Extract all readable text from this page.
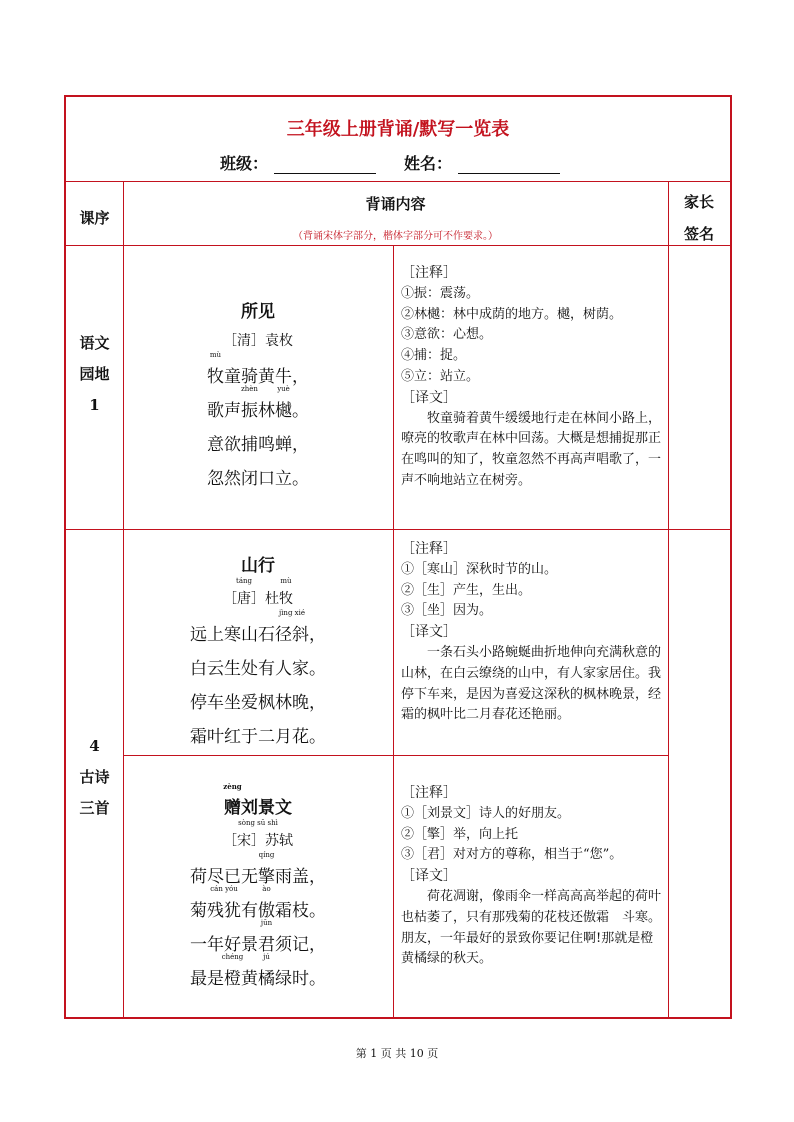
三年级上册背诵/默写一览表
班级：	姓名：
课序
背诵内容
（背诵宋体字部分，楷体字部分可不作要求。）
家长
签名
语文
园地
1
所见
［清］袁枚
牧
mù
童骑黄牛，
歌声振
zhèn
林樾
yuè
。
意欲捕鸣蝉，
忽然闭口立。
［注释］
①振：震荡。
②林樾：林中成荫的地方。樾，树荫。
③意欲：心想。
④捕：捉。
⑤立：站立。
［译文］
牧童骑着黄牛缓缓地行走在林间小路上，嘹亮的牧歌声在林中回荡。大概是想捕捉那正在鸣叫的知了，牧童忽然不再高声唱歌了，一声不响地站立在树旁。
4
古诗
三首
山行
［唐
táng
］杜牧
mù
远上寒山石径斜
jìng xié
，
白云生处有人家。
停车坐爱枫林晚，
霜叶红于二月花。
［注释］
①［寒山］深秋时节的山。
②［生］产生，生出。
③［坐］因为。
［译文］
一条石头小路蜿蜒曲折地伸向充满秋意的山林，在白云缭绕的山中，有人家家居住。我停下车来，是因为喜爱这深秋的枫林晚景，经霜的枫叶比二月春花还艳丽。
赠
zèng
刘景文
［宋］苏轼
sòng sū shì
荷尽已无擎
qíng
雨盖，
菊残犹
cán yóu
有傲
ào
霜枝。
一年好景君
jūn
须记，
最是橙
chéng
黄橘
jú
绿时。
［注释］
①［刘景文］诗人的好朋友。
②［擎］举，向上托
③［君］对对方的尊称，相当于“您”。
［译文］
荷花凋谢，像雨伞一样高高高举起的荷叶也枯萎了，只有那残菊的花枝还傲霜　斗寒。朋友，一年最好的景致你要记住啊!那就是橙黄橘绿的秋天。
第 1 页 共 10 页
